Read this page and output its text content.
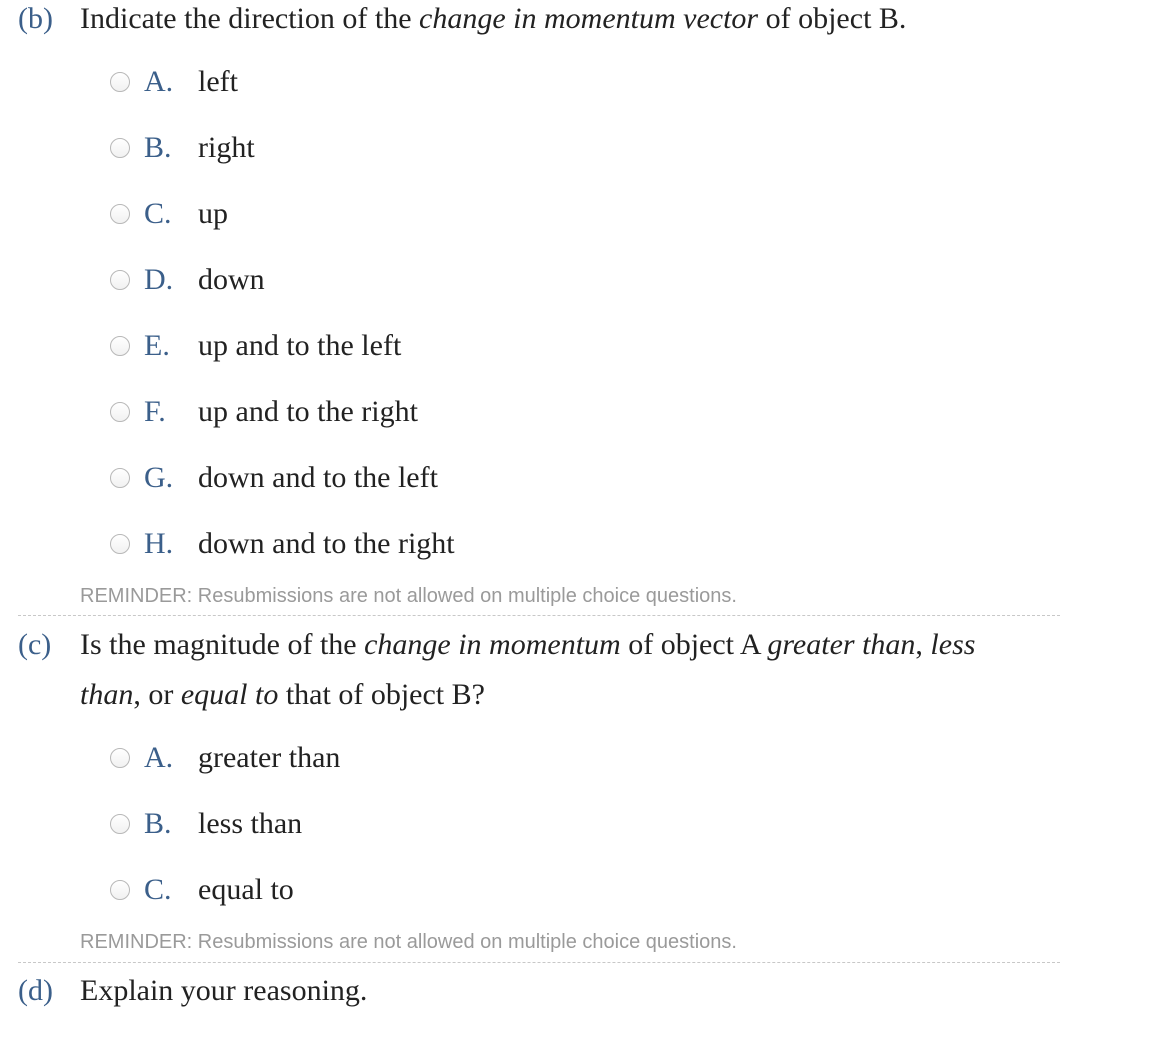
(b) Indicate the direction of the change in momentum vector of object B.
A. left
B. right
C. up
D. down
E. up and to the left
F.	up and to the right
G. down and to the left
H. down and to the right
REMINDER: Resubmissions are not allowed on multiple choice questions.
(c) Is the magnitude of the change in momentum of object A greater than, less than, or equal to that of object B?
A. greater than
B. less than
C. equal to
REMINDER: Resubmissions are not allowed on multiple choice questions.
(d) Explain your reasoning.
